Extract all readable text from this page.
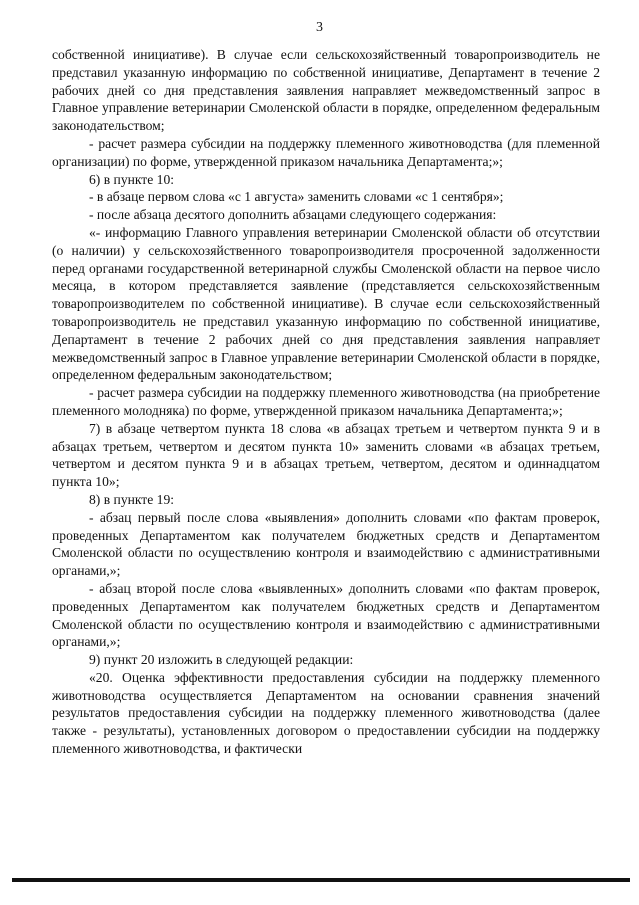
3

собственной инициативе). В случае если сельскохозяйственный товаропроизводитель не представил указанную информацию по собственной инициативе, Департамент в течение 2 рабочих дней со дня представления заявления направляет межведомственный запрос в Главное управление ветеринарии Смоленской области в порядке, определенном федеральным законодательством;

- расчет размера субсидии на поддержку племенного животноводства (для племенной организации) по форме, утвержденной приказом начальника Департамента;»;

6) в пункте 10:

- в абзаце первом слова «с 1 августа» заменить словами «с 1 сентября»;

- после абзаца десятого дополнить абзацами следующего содержания:

«- информацию Главного управления ветеринарии Смоленской области об отсутствии (о наличии) у сельскохозяйственного товаропроизводителя просроченной задолженности перед органами государственной ветеринарной службы Смоленской области на первое число месяца, в котором представляется заявление (представляется сельскохозяйственным товаропроизводителем по собственной инициативе). В случае если сельскохозяйственный товаропроизводитель не представил указанную информацию по собственной инициативе, Департамент в течение 2 рабочих дней со дня представления заявления направляет межведомственный запрос в Главное управление ветеринарии Смоленской области в порядке, определенном федеральным законодательством;

- расчет размера субсидии на поддержку племенного животноводства (на приобретение племенного молодняка) по форме, утвержденной приказом начальника Департамента;»;

7) в абзаце четвертом пункта 18 слова «в абзацах третьем и четвертом пункта 9 и в абзацах третьем, четвертом и десятом пункта 10» заменить словами «в абзацах третьем, четвертом и десятом пункта 9 и в абзацах третьем, четвертом, десятом и одиннадцатом пункта 10»;

8) в пункте 19:

- абзац первый после слова «выявления» дополнить словами «по фактам проверок, проведенных Департаментом как получателем бюджетных средств и Департаментом Смоленской области по осуществлению контроля и взаимодействию с административными органами,»;

- абзац второй после слова «выявленных» дополнить словами «по фактам проверок, проведенных Департаментом как получателем бюджетных средств и Департаментом Смоленской области по осуществлению контроля и взаимодействию с административными органами,»;

9) пункт 20 изложить в следующей редакции:

«20. Оценка эффективности предоставления субсидии на поддержку племенного животноводства осуществляется Департаментом на основании сравнения значений результатов предоставления субсидии на поддержку племенного животноводства (далее также - результаты), установленных договором о предоставлении субсидии на поддержку племенного животноводства, и фактически
